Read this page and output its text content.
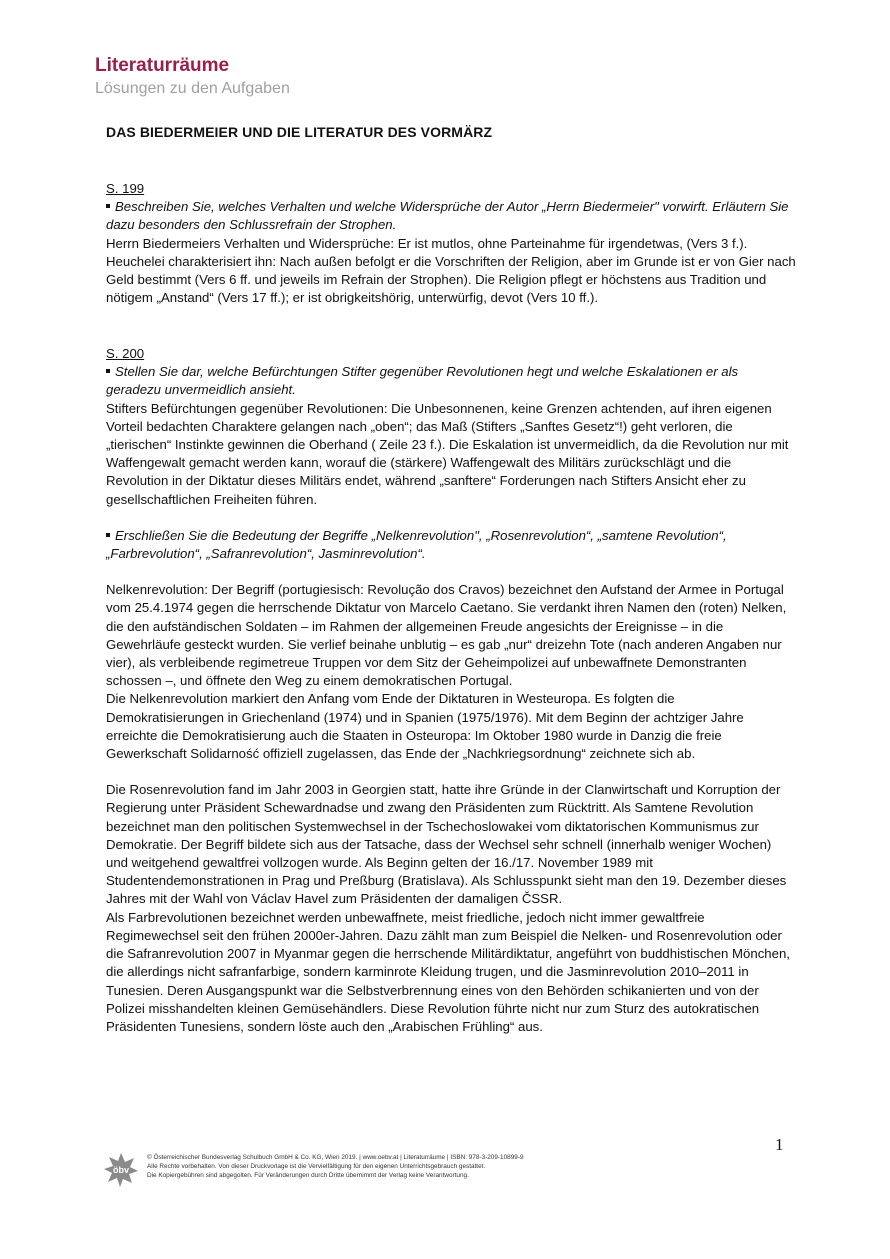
Literaturräume
Lösungen zu den Aufgaben
DAS BIEDERMEIER UND DIE LITERATUR DES VORMÄRZ
S. 199
Beschreiben Sie, welches Verhalten und welche Widersprüche der Autor „Herrn Biedermeier" vorwirft. Erläutern Sie dazu besonders den Schlussrefrain der Strophen.
Herrn Biedermeiers Verhalten und Widersprüche: Er ist mutlos, ohne Parteinahme für irgendetwas, (Vers 3 f.). Heuchelei charakterisiert ihn: Nach außen befolgt er die Vorschriften der Religion, aber im Grunde ist er von Gier nach Geld bestimmt (Vers 6 ff. und jeweils im Refrain der Strophen). Die Religion pflegt er höchstens aus Tradition und nötigem „Anstand“ (Vers 17 ff.); er ist obrigkeitshörig, unterwürfig, devot (Vers 10 ff.).
S. 200
Stellen Sie dar, welche Befürchtungen Stifter gegenüber Revolutionen hegt und welche Eskalationen er als geradezu unvermeidlich ansieht.
Stifters Befürchtungen gegenüber Revolutionen: Die Unbesonnenen, keine Grenzen achtenden, auf ihren eigenen Vorteil bedachten Charaktere gelangen nach „oben“; das Maß (Stifters „Sanftes Gesetz“!) geht verloren, die „tierischen“ Instinkte gewinnen die Oberhand ( Zeile 23 f.). Die Eskalation ist unvermeidlich, da die Revolution nur mit Waffengewalt gemacht werden kann, worauf die (stärkere) Waffengewalt des Militärs zurückschlägt und die Revolution in der Diktatur dieses Militärs endet, während „sanftere“ Forderungen nach Stifters Ansicht eher zu gesellschaftlichen Freiheiten führen.
Erschließen Sie die Bedeutung der Begriffe „Nelkenrevolution", „Rosenrevolution“, „samtene Revolution“, „Farbrevolution“, „Safranrevolution“, Jasminrevolution“.
Nelkenrevolution: Der Begriff (portugiesisch: Revolução dos Cravos) bezeichnet den Aufstand der Armee in Portugal vom 25.4.1974 gegen die herrschende Diktatur von Marcelo Caetano. Sie verdankt ihren Namen den (roten) Nelken, die den aufständischen Soldaten – im Rahmen der allgemeinen Freude angesichts der Ereignisse – in die Gewehrläufe gesteckt wurden. Sie verlief beinahe unblutig – es gab „nur“ dreizehn Tote (nach anderen Angaben nur vier), als verbleibende regimetreue Truppen vor dem Sitz der Geheimpolizei auf unbewaffnete Demonstranten schossen –, und öffnete den Weg zu einem demokratischen Portugal.
Die Nelkenrevolution markiert den Anfang vom Ende der Diktaturen in Westeuropa. Es folgten die Demokratisierungen in Griechenland (1974) und in Spanien (1975/1976). Mit dem Beginn der achtziger Jahre erreichte die Demokratisierung auch die Staaten in Osteuropa: Im Oktober 1980 wurde in Danzig die freie Gewerkschaft Solidarność offiziell zugelassen, das Ende der „Nachkriegsordnung“ zeichnete sich ab.
Die Rosenrevolution fand im Jahr 2003 in Georgien statt, hatte ihre Gründe in der Clanwirtschaft und Korruption der Regierung unter Präsident Schewardnadse und zwang den Präsidenten zum Rücktritt. Als Samtene Revolution bezeichnet man den politischen Systemwechsel in der Tschechoslowakei vom diktatorischen Kommunismus zur Demokratie. Der Begriff bildete sich aus der Tatsache, dass der Wechsel sehr schnell (innerhalb weniger Wochen) und weitgehend gewaltfrei vollzogen wurde. Als Beginn gelten der 16./17. November 1989 mit Studentendemonstrationen in Prag und Preßburg (Bratislava). Als Schlusspunkt sieht man den 19. Dezember dieses Jahres mit der Wahl von Václav Havel zum Präsidenten der damaligen ČSSR.
Als Farbrevolutionen bezeichnet werden unbewaffnete, meist friedliche, jedoch nicht immer gewaltfreie Regimewechsel seit den frühen 2000er-Jahren. Dazu zählt man zum Beispiel die Nelken- und Rosenrevolution oder die Safranrevolution 2007 in Myanmar gegen die herrschende Militärdiktatur, angeführt von buddhistischen Mönchen, die allerdings nicht safranfarbige, sondern karminrote Kleidung trugen, und die Jasminrevolution 2010–2011 in Tunesien. Deren Ausgangspunkt war die Selbstverbrennung eines von den Behörden schikanierten und von der Polizei misshandelten kleinen Gemüsehändlers. Diese Revolution führte nicht nur zum Sturz des autokratischen Präsidenten Tunesiens, sondern löste auch den „Arabischen Frühling“ aus.
1
öbv
© Österreichischer Bundesverlag Schulbuch GmbH & Co. KG, Wien 2019. | www.oebv.at | Literaturräume | ISBN: 978-3-209-10899-9
Alle Rechte vorbehalten. Von dieser Druckvorlage ist die Vervielfältigung für den eigenen Unterrichtsgebrauch gestattet.
Die Kopiergebühren sind abgegolten. Für Veränderungen durch Dritte übernimmt der Verlag keine Verantwortung.
